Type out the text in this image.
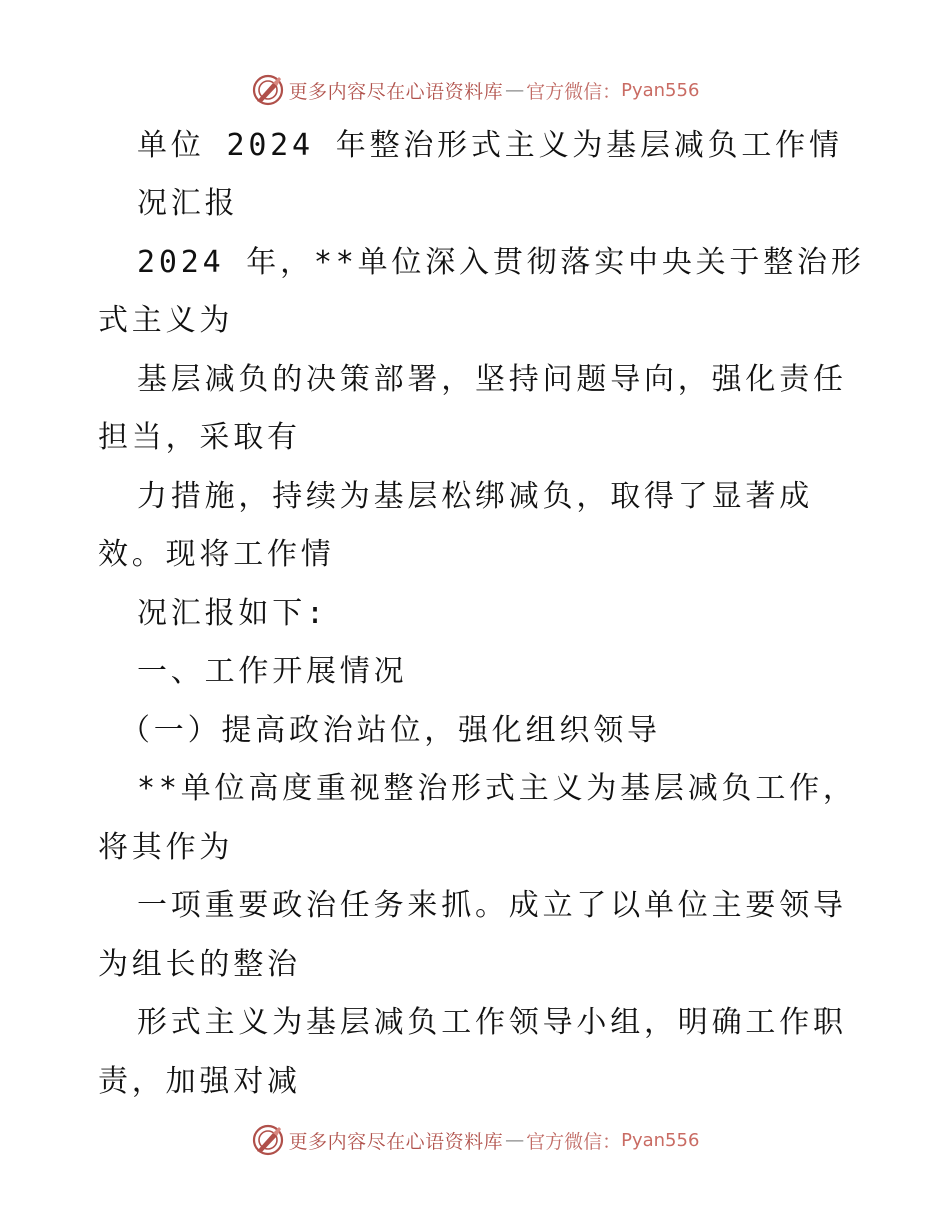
更多内容尽在心语资料库 — 官方微信： Pyan556
单位 2024 年整治形式主义为基层减负工作情
况汇报
2024 年，**单位深入贯彻落实中央关于整治形
式主义为
基层减负的决策部署，坚持问题导向，强化责任
担当，采取有
力措施，持续为基层松绑减负，取得了显著成
效。现将工作情
况汇报如下:
一、工作开展情况
（一）提高政治站位，强化组织领导
**单位高度重视整治形式主义为基层减负工作，
将其作为
一项重要政治任务来抓。成立了以单位主要领导
为组长的整治
形式主义为基层减负工作领导小组，明确工作职
责，加强对减
更多内容尽在心语资料库 — 官方微信： Pyan556
